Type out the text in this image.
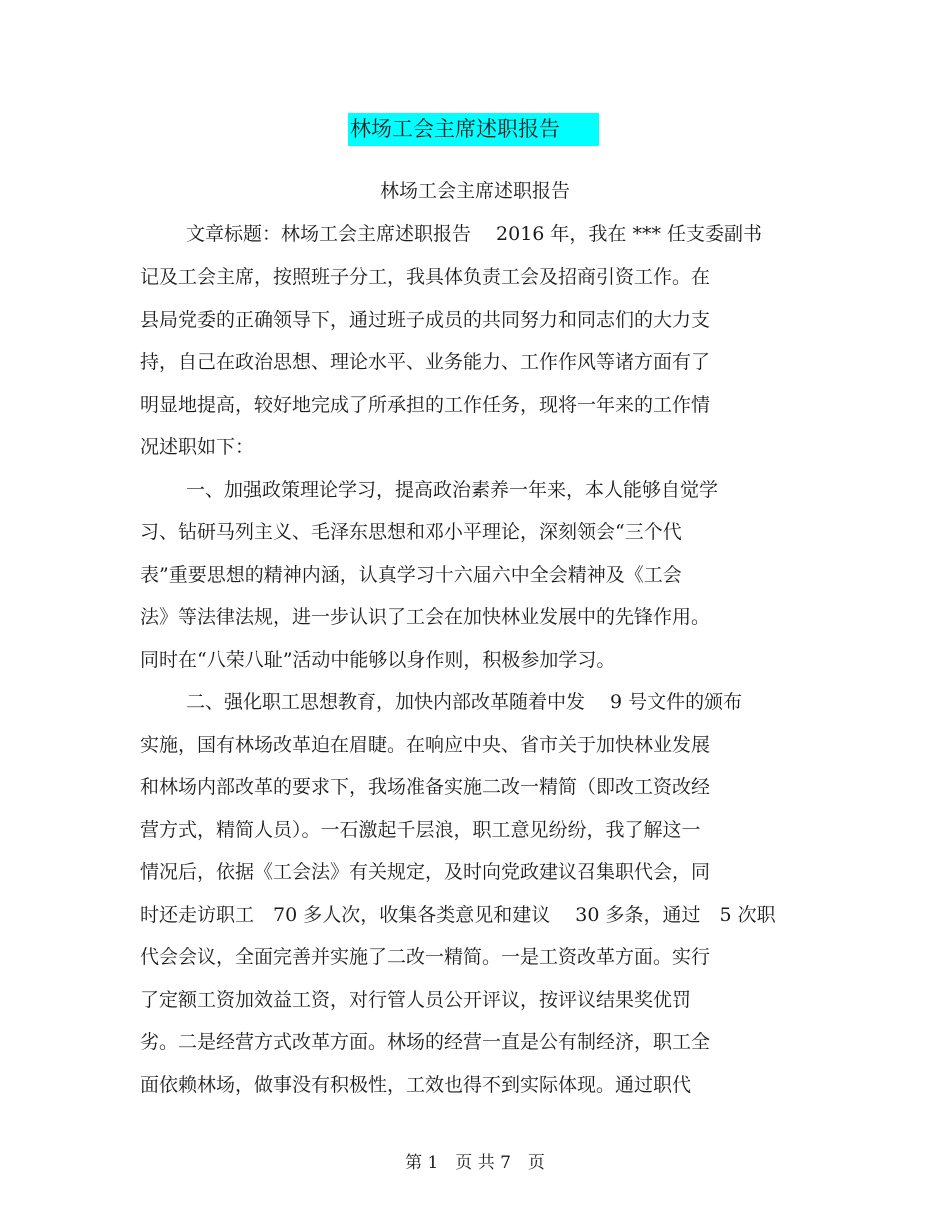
林场工会主席述职报告
林场工会主席述职报告
文章标题：林场工会主席述职报告　 2016 年，我在 *** 任支委副书
记及工会主席，按照班子分工，我具体负责工会及招商引资工作。在
县局党委的正确领导下，通过班子成员的共同努力和同志们的大力支
持，自己在政治思想、理论水平、业务能力、工作作风等诸方面有了
明显地提高，较好地完成了所承担的工作任务，现将一年来的工作情
况述职如下：
一、加强政策理论学习，提高政治素养一年来，本人能够自觉学
习、钻研马列主义、毛泽东思想和邓小平理论，深刻领会“三个代
表”重要思想的精神内涵，认真学习十六届六中全会精神及《工会
法》等法律法规，进一步认识了工会在加快林业发展中的先锋作用。
同时在“八荣八耻”活动中能够以身作则，积极参加学习。
二、强化职工思想教育，加快内部改革随着中发　 9 号文件的颁布
实施，国有林场改革迫在眉睫。在响应中央、省市关于加快林业发展
和林场内部改革的要求下，我场准备实施二改一精简（即改工资改经
营方式，精简人员）。一石激起千层浪，职工意见纷纷，我了解这一
情况后，依据《工会法》有关规定，及时向党政建议召集职代会，同
时还走访职工　70 多人次，收集各类意见和建议　 30 多条，通过　5 次职
代会会议，全面完善并实施了二改一精简。一是工资改革方面。实行
了定额工资加效益工资，对行管人员公开评议，按评议结果奖优罚
劣。二是经营方式改革方面。林场的经营一直是公有制经济，职工全
面依赖林场，做事没有积极性，工效也得不到实际体现。通过职代
第 1　页 共 7　页
